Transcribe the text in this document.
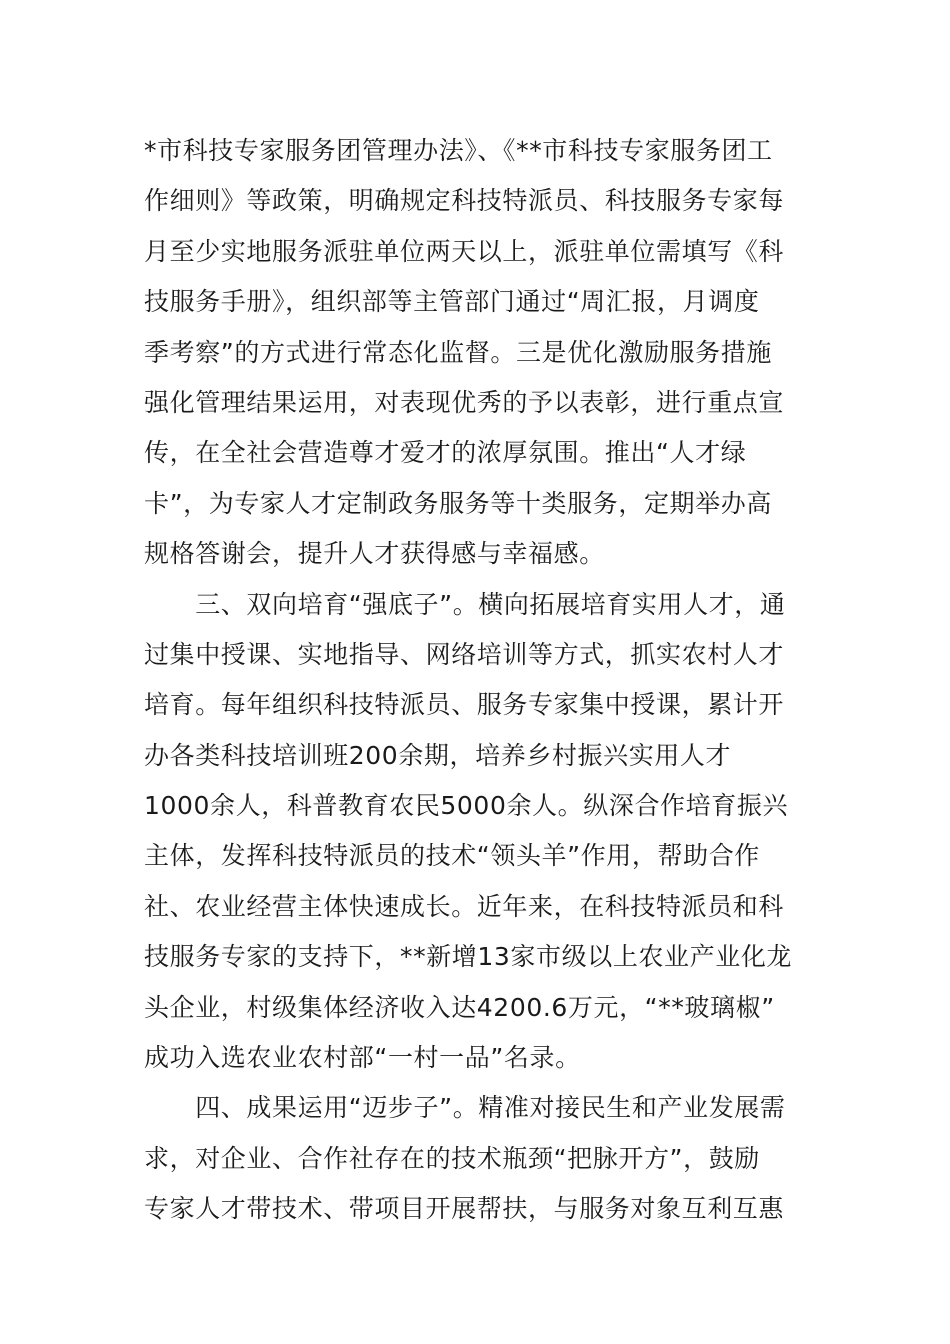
*市科技专家服务团管理办法》、《**市科技专家服务团工
作细则》等政策，明确规定科技特派员、科技服务专家每
月至少实地服务派驻单位两天以上，派驻单位需填写《科
技服务手册》，组织部等主管部门通过“周汇报，月调度
季考察”的方式进行常态化监督。三是优化激励服务措施
强化管理结果运用，对表现优秀的予以表彰，进行重点宣
传，在全社会营造尊才爱才的浓厚氛围。推出“人才绿
卡”，为专家人才定制政务服务等十类服务，定期举办高
规格答谢会，提升人才获得感与幸福感。
　　三、双向培育“强底子”。横向拓展培育实用人才，通
过集中授课、实地指导、网络培训等方式，抓实农村人才
培育。每年组织科技特派员、服务专家集中授课，累计开
办各类科技培训班200余期，培养乡村振兴实用人才
1000余人，科普教育农民5000余人。纵深合作培育振兴
主体，发挥科技特派员的技术“领头羊”作用，帮助合作
社、农业经营主体快速成长。近年来，在科技特派员和科
技服务专家的支持下，**新增13家市级以上农业产业化龙
头企业，村级集体经济收入达4200.6万元，“**玻璃椒”
成功入选农业农村部“一村一品”名录。
　　四、成果运用“迈步子”。精准对接民生和产业发展需
求，对企业、合作社存在的技术瓶颈“把脉开方”，鼓励
专家人才带技术、带项目开展帮扶，与服务对象互利互惠
